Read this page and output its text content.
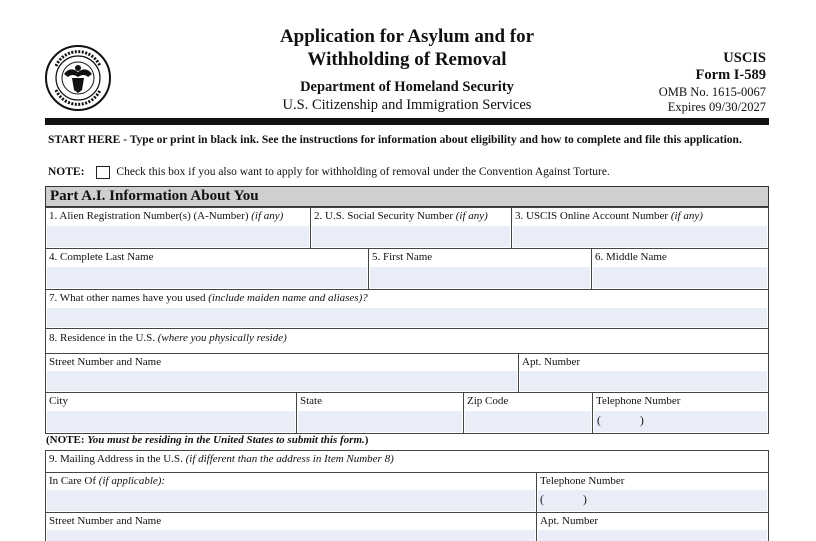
Application for Asylum and for
Withholding of Removal
Department of Homeland Security
U.S. Citizenship and Immigration Services
USCIS
Form I-589
OMB No. 1615-0067
Expires 09/30/2027
START HERE - Type or print in black ink. See the instructions for information about eligibility and how to complete and file this application.
NOTE:	Check this box if you also want to apply for withholding of removal under the Convention Against Torture.
Part A.I. Information About You
1. Alien Registration Number(s) (A-Number) (if any)	2. U.S. Social Security Number (if any) 3. USCIS Online Account Number (if any)
4. Complete Last Name	5. First Name	6. Middle Name
7. What other names have you used (include maiden name and aliases)?
8. Residence in the U.S. (where you physically reside)
Street Number and Name	Apt. Number
City	State	Zip Code	Telephone Number
(	)
(NOTE: You must be residing in the United States to submit this form.)
9. Mailing Address in the U.S. (if different than the address in Item Number 8)
In Care Of (if applicable):	Telephone Number
(	)
Street Number and Name	Apt. Number
